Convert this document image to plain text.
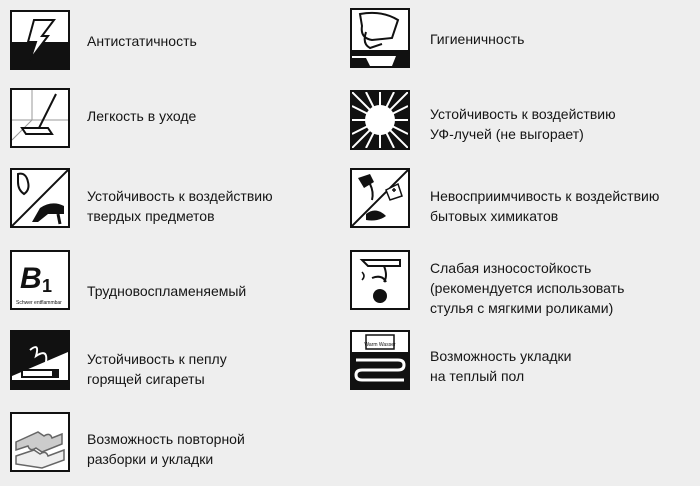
Антистатичность
Легкость в уходе
Устойчивость к воздействию
твердых предметов
B 1
Schwer entflammbar
Трудновоспламеняемый
Устойчивость к пеплу
горящей сигареты
Возможность повторной
разборки и укладки
Гигиеничность
Устойчивость к воздействию
УФ-лучей (не выгорает)
Невосприимчивость к воздействию
бытовых химикатов
Слабая износостойкость
(рекомендуется использовать
стулья с мягкими роликами)
Warm Wasser
Возможность укладки
на теплый пол
